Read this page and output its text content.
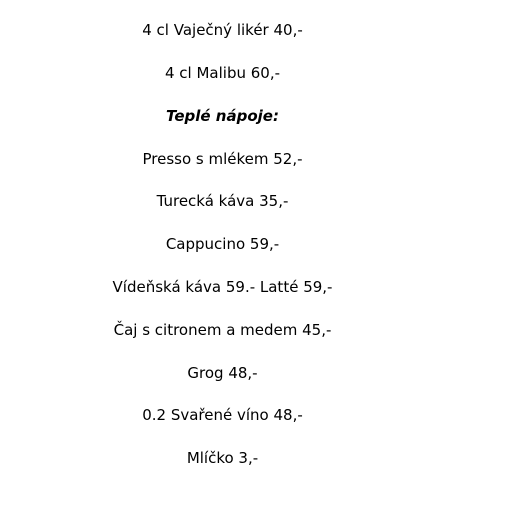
4 cl Vaječný likér 40,-
4 cl Malibu 60,-
Teplé nápoje:
Presso s mlékem 52,-
Turecká káva 35,-
Cappucino 59,-
Vídeňská káva 59.- Latté 59,-
Čaj s citronem a medem 45,-
Grog 48,-
0.2 Svařené víno 48,-
Mlíčko 3,-
